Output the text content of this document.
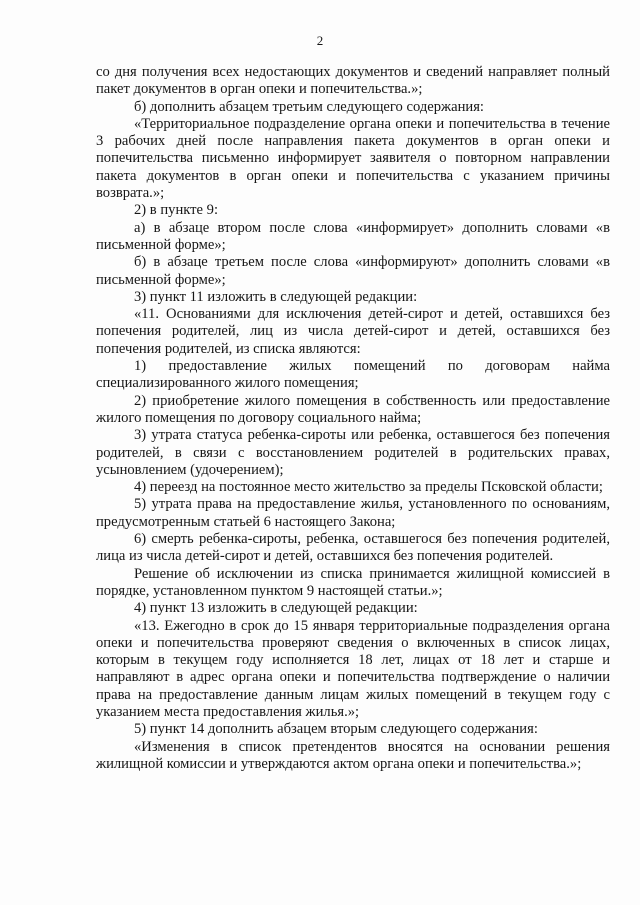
2

со дня получения всех недостающих документов и сведений направляет полный пакет документов в орган опеки и попечительства.»;

б) дополнить абзацем третьим следующего содержания:

«Территориальное подразделение органа опеки и попечительства в течение 3 рабочих дней после направления пакета документов в орган опеки и попечительства письменно информирует заявителя о повторном направлении пакета документов в орган опеки и попечительства с указанием причины возврата.»;

2) в пункте 9:

а) в абзаце втором после слова «информирует» дополнить словами «в письменной форме»;

б) в абзаце третьем после слова «информируют» дополнить словами «в письменной форме»;

3) пункт 11 изложить в следующей редакции:

«11. Основаниями для исключения детей-сирот и детей, оставшихся без попечения родителей, лиц из числа детей-сирот и детей, оставшихся без попечения родителей, из списка являются:

1) предоставление жилых помещений по договорам найма специализированного жилого помещения;

2) приобретение жилого помещения в собственность или предоставление жилого помещения по договору социального найма;

3) утрата статуса ребенка-сироты или ребенка, оставшегося без попечения родителей, в связи с восстановлением родителей в родительских правах, усыновлением (удочерением);

4) переезд на постоянное место жительство за пределы Псковской области;

5) утрата права на предоставление жилья, установленного по основаниям, предусмотренным статьей 6 настоящего Закона;

6) смерть ребенка-сироты, ребенка, оставшегося без попечения родителей, лица из числа детей-сирот и детей, оставшихся без попечения родителей.

Решение об исключении из списка принимается жилищной комиссией в порядке, установленном пунктом 9 настоящей статьи.»;

4) пункт 13 изложить в следующей редакции:

«13. Ежегодно в срок до 15 января территориальные подразделения органа опеки и попечительства проверяют сведения о включенных в список лицах, которым в текущем году исполняется 18 лет, лицах от 18 лет и старше и направляют в адрес органа опеки и попечительства подтверждение о наличии права на предоставление данным лицам жилых помещений в текущем году с указанием места предоставления жилья.»;

5) пункт 14 дополнить абзацем вторым следующего содержания:

«Изменения в список претендентов вносятся на основании решения жилищной комиссии и утверждаются актом органа опеки и попечительства.»;
